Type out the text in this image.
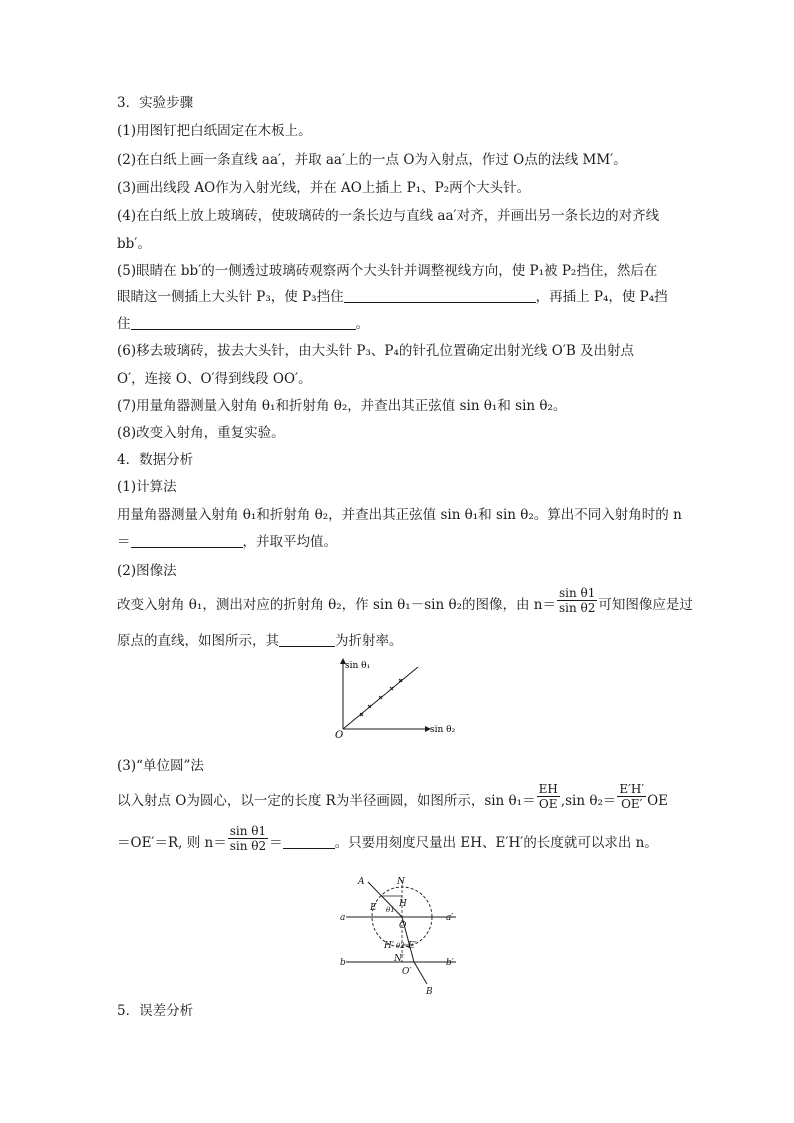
3．实验步骤
(1)用图钉把白纸固定在木板上。
(2)在白纸上画一条直线 aa′，并取 aa′上的一点 O为入射点，作过 O点的法线 MM′。
(3)画出线段 AO作为入射光线，并在 AO上插上 P₁、P₂两个大头针。
(4)在白纸上放上玻璃砖，使玻璃砖的一条长边与直线 aa′对齐，并画出另一条长边的对齐线
bb′。
(5)眼睛在 bb′的一侧透过玻璃砖观察两个大头针并调整视线方向，使 P₁被 P₂挡住，然后在
眼睛这一侧插上大头针 P₃，使 P₃挡住	，再插上 P₄，使 P₄挡
住	。
(6)移去玻璃砖，拔去大头针，由大头针 P₃、P₄的针孔位置确定出射光线 O′B 及出射点
O′，连接 O、O′得到线段 OO′。
(7)用量角器测量入射角 θ₁和折射角 θ₂，并查出其正弦值 sin θ₁和 sin θ₂。
(8)改变入射角，重复实验。
4．数据分析
(1)计算法
用量角器测量入射角 θ₁和折射角 θ₂，并查出其正弦值 sin θ₁和 sin θ₂。算出不同入射角时的 n
＝	，并取平均值。
(2)图像法
改变入射角 θ₁，测出对应的折射角 θ₂，作 sin θ₁－sin θ₂的图像，由 $n= \frac{\text{sin θ1}}{\text{sin θ2}}$ 可知图像应是过
原点的直线，如图所示，其	为折射率。
sin θ₁
sin θ₂
O
(3)“单位圆”法
以入射点 O为圆心，以一定的长度 R为半径画圆，如图所示，$\sin \theta_1= \frac{EH}{OE} ,\sin$ $\theta_2= \frac{E'H'}{OE'}$ OE
＝OE′＝R, 则 $n= \frac{\text{sin θ1}}{\text{sin θ2}}$ ＝	。只要用刻度尺量出 EH、E′H′的长度就可以求出 n。
A	N
E H
θ1
O
a	a′
H′ θ2 E′
N′
b	b′
O′
B
5．误差分析
